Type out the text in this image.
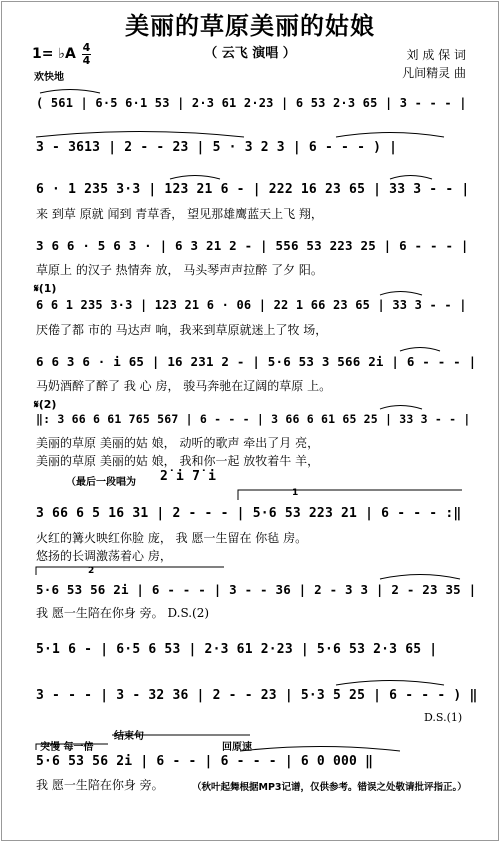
美丽的草原美丽的姑娘
（ 云飞 演唱 ）	刘 成 保 词
凡间精灵 曲
1= ♭A 4
4
欢快地
( 561 | 6·5 6·1 53 | 2·3 61 2·23 | 6 53 2·3 65 | 3 - - - |
3 - 3613 | 2 - - 23 | 5 · 3 2 3 | 6 - - - ) |
6 · 1 235 3·3 | 123 21 6 - | 222 16 23 65 | 33 3 - - |
来 到草 原就 闻到 青草香， 望见那雄鹰蓝天上飞 翔，
3 6 6 · 5 6 3 · | 6 3 21 2 - | 556 53 223 25 | 6 - - - |
草原上 的汉子 热情奔 放， 马头琴声声拉醉 了夕 阳。
𝄋(1)
6 6 1 235 3·3 | 123 21 6 · 06 | 22 1 66 23 65 | 33 3 - - |
厌倦了都 市的 马达声 响，我来到草原就迷上了牧 场，
6 6 3 6 · i 65 | 16 231 2 - | 5·6 53 3 566 2i | 6 - - - |
马奶酒醉了醉了 我 心 房， 骏马奔驰在辽阔的草原 上。
𝄋(2)
‖: 3 66 6 61 765 567 | 6 - - - | 3 66 6 61 65 25 | 33 3 - - |
美丽的草原 美丽的姑 娘， 动听的歌声 牵出了月 亮，
美丽的草原 美丽的姑 娘， 我和你一起 放牧着牛 羊，
（最后一段唱为 2̇ i 7̇ i
1
3 66 6 5 16 31 | 2 - - - | 5·6 53 223 21 | 6 - - - :‖
火红的篝火映红你脸 庞， 我 愿一生留在 你毡 房。
悠扬的长调激荡着心 房，
2
5·6 53 56 2i | 6 - - - | 3 - - 36 | 2 - 3 3 | 2 - 23 35 |
我 愿一生陪在你身 旁。 D.S.(2)
5·1 6 - | 6·5 6 53 | 2·3 61 2·23 | 5·6 53 2·3 65 |
3 - - - | 3 - 32 36 | 2 - - 23 | 5·3 5 25 | 6 - - - ) ‖
D.S.(1)
突慢 每一倍
结束句
回原速
5·6 53 56 2i | 6 - - | 6 - - - | 6 0 000 ‖
我 愿一生陪在你身 旁。	（秋叶起舞根据MP3记谱，仅供参考。错误之处敬请批评指正。）
